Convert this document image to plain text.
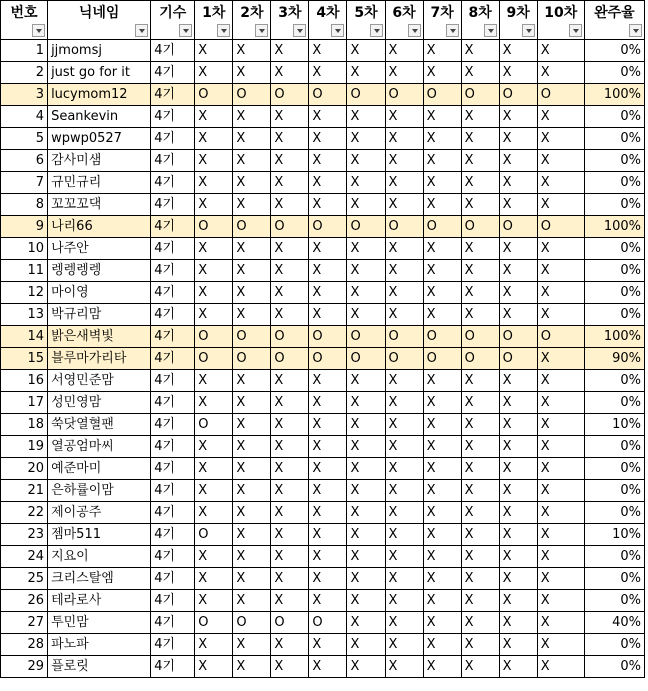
번호	닉네임	기수	1차	2차	3차	4차	5차	6차	7차	8차	9차	10차	완주율

1	jjmomsj	4기	X	X	X	X	X	X	X	X	X	X	0%
2	just go for it	4기	X	X	X	X	X	X	X	X	X	X	0%
3	lucymom12	4기	O	O	O	O	O	O	O	O	O	O	100%
4	Seankevin	4기	X	X	X	X	X	X	X	X	X	X	0%
5	wpwp0527	4기	X	X	X	X	X	X	X	X	X	X	0%
6	감사미샘	4기	X	X	X	X	X	X	X	X	X	X	0%
7	규민규리	4기	X	X	X	X	X	X	X	X	X	X	0%
8	꼬꼬꼬댁	4기	X	X	X	X	X	X	X	X	X	X	0%
9	나리66	4기	O	O	O	O	O	O	O	O	O	O	100%
10	나주안	4기	X	X	X	X	X	X	X	X	X	X	0%
11	렝렝렝렝	4기	X	X	X	X	X	X	X	X	X	X	0%
12	마이영	4기	X	X	X	X	X	X	X	X	X	X	0%
13	박규리맘	4기	X	X	X	X	X	X	X	X	X	X	0%
14	밝은새벽빛	4기	O	O	O	O	O	O	O	O	O	O	100%
15	블루마가리타	4기	O	O	O	O	O	O	O	O	O	X	90%
16	서영민준맘	4기	X	X	X	X	X	X	X	X	X	X	0%
17	성민영맘	4기	X	X	X	X	X	X	X	X	X	X	0%
18	쑥닷열혈팬	4기	O	X	X	X	X	X	X	X	X	X	10%
19	열공엄마씨	4기	X	X	X	X	X	X	X	X	X	X	0%
20	예준마미	4기	X	X	X	X	X	X	X	X	X	X	0%
21	은하률이맘	4기	X	X	X	X	X	X	X	X	X	X	0%
22	제이공주	4기	X	X	X	X	X	X	X	X	X	X	0%
23	젬마511	4기	O	X	X	X	X	X	X	X	X	X	10%
24	지요이	4기	X	X	X	X	X	X	X	X	X	X	0%
25	크리스탈엠	4기	X	X	X	X	X	X	X	X	X	X	0%
26	테라로사	4기	X	X	X	X	X	X	X	X	X	X	0%
27	투민맘	4기	O	O	O	O	X	X	X	X	X	X	40%
28	파노파	4기	X	X	X	X	X	X	X	X	X	X	0%
29	플로릿	4기	X	X	X	X	X	X	X	X	X	X	0%
